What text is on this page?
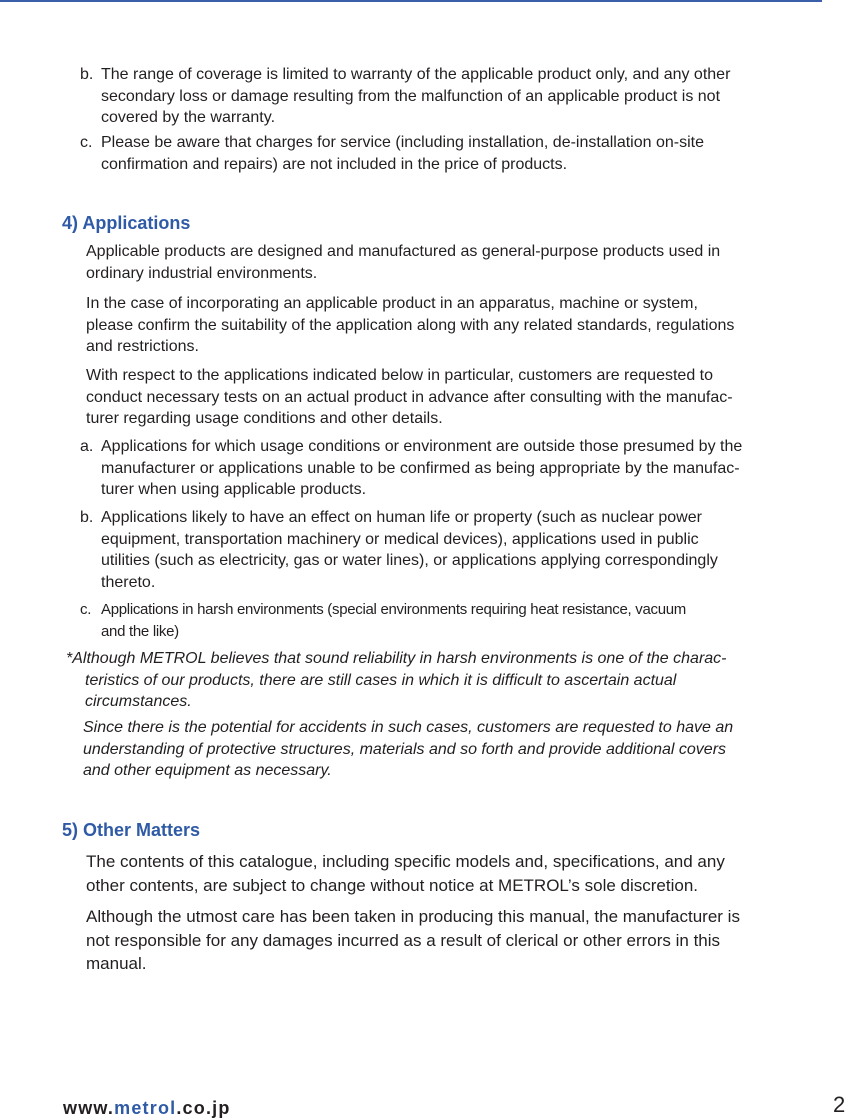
b. The range of coverage is limited to warranty of the applicable product only, and any other
secondary loss or damage resulting from the malfunction of an applicable product is not
covered by the warranty.
c. Please be aware that charges for service (including installation, de-installation on-site
confirmation and repairs) are not included in the price of products.
4) Applications
Applicable products are designed and manufactured as general-purpose products used in
ordinary industrial environments.
In the case of incorporating an applicable product in an apparatus, machine or system,
please confirm the suitability of the application along with any related standards, regulations
and restrictions.
With respect to the applications indicated below in particular, customers are requested to
conduct necessary tests on an actual product in advance after consulting with the manufac-
turer regarding usage conditions and other details.
a. Applications for which usage conditions or environment are outside those presumed by the
manufacturer or applications unable to be confirmed as being appropriate by the manufac-
turer when using applicable products.
b. Applications likely to have an effect on human life or property (such as nuclear power
equipment, transportation machinery or medical devices), applications used in public
utilities (such as electricity, gas or water lines), or applications applying correspondingly
thereto.
c. Applications in harsh environments (special environments requiring heat resistance, vacuum
and the like)
*Although METROL believes that sound reliability in harsh environments is one of the charac-
teristics of our products, there are still cases in which it is difficult to ascertain actual
circumstances.
Since there is the potential for accidents in such cases, customers are requested to have an
understanding of protective structures, materials and so forth and provide additional covers
and other equipment as necessary.
5) Other Matters
The contents of this catalogue, including specific models and, specifications, and any
other contents, are subject to change without notice at METROL’s sole discretion.
Although the utmost care has been taken in producing this manual, the manufacturer is
not responsible for any damages incurred as a result of clerical or other errors in this
manual.
www.metrol.co.jp	2
